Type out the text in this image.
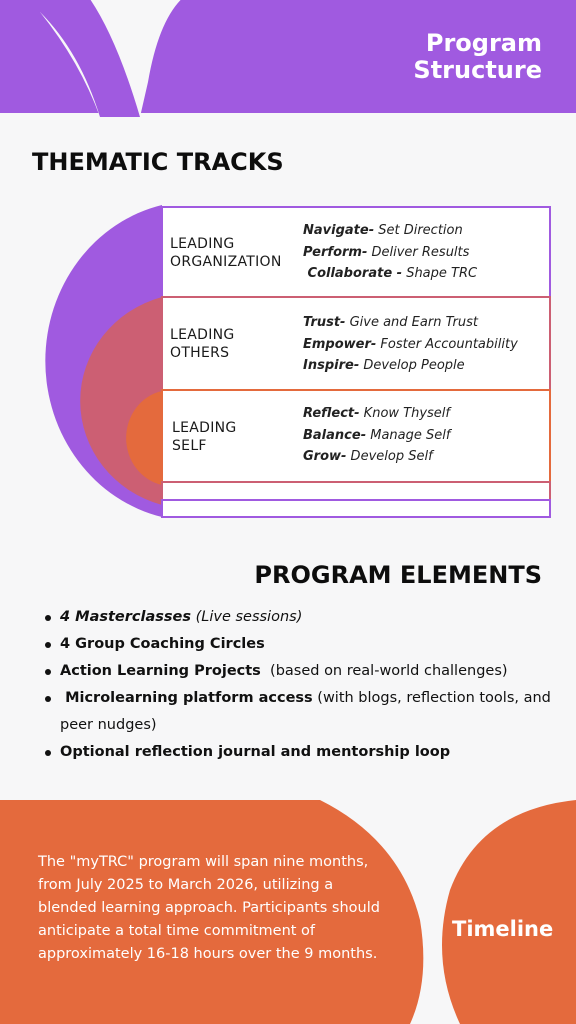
Program
Structure
THEMATIC TRACKS
LEADING
ORGANIZATION
Navigate- Set Direction
Perform- Deliver Results
Collaborate - Shape TRC
LEADING
OTHERS
Trust- Give and Earn Trust
Empower- Foster Accountability
Inspire- Develop People
LEADING
SELF
Reflect- Know Thyself
Balance- Manage Self
Grow- Develop Self
PROGRAM ELEMENTS
4 Masterclasses (Live sessions)
4 Group Coaching Circles
Action Learning Projects  (based on real-world challenges)
Microlearning platform access (with blogs, reflection tools, and peer nudges)
Optional reflection journal and mentorship loop
The "myTRC" program will span nine months, from July 2025 to March 2026, utilizing a blended learning approach. Participants should anticipate a total time commitment of approximately 16-18 hours over the 9 months.
Timeline
